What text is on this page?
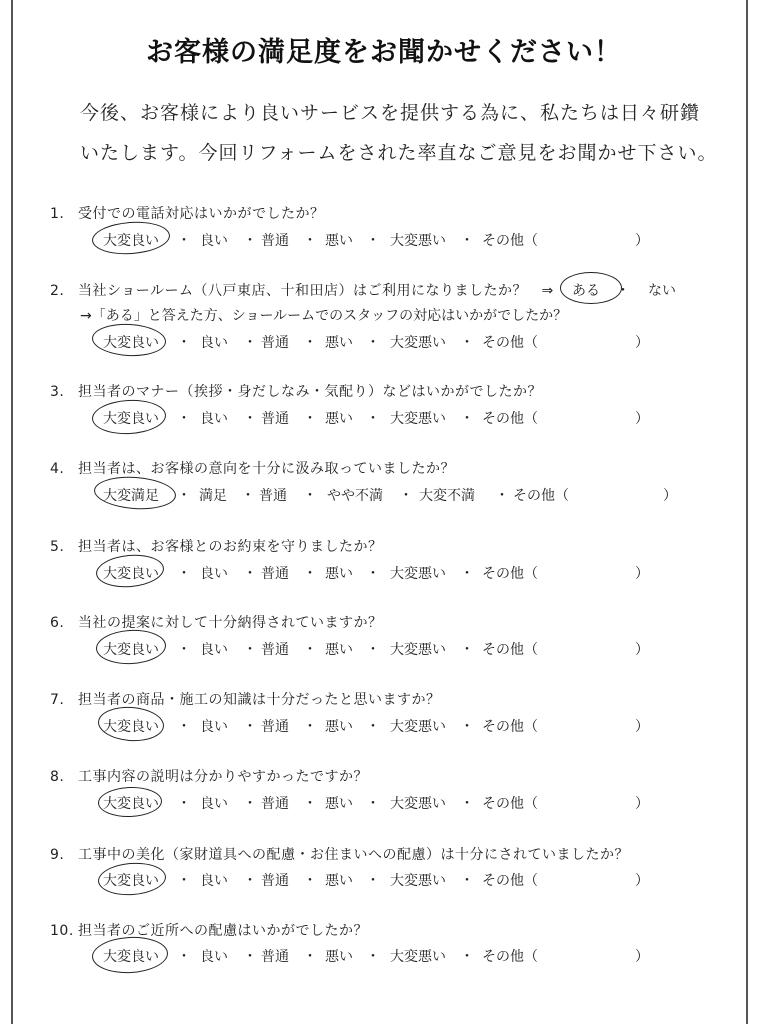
お客様の満足度をお聞かせください！
今後、お客様により良いサービスを提供する為に、私たちは日々研鑽
いたします。今回リフォームをされた率直なご意見をお聞かせ下さい。
1. 受付での電話対応はいかがでしたか？
大変良い ・ 良い ・ 普通 ・ 悪い ・ 大変悪い ・ その他（	）
2. 当社ショールーム（八戸東店、十和田店）はご利用になりましたか？　⇒	ある ・ ない
→「ある」と答えた方、ショールームでのスタッフの対応はいかがでしたか？
大変良い ・ 良い ・ 普通 ・ 悪い ・ 大変悪い ・ その他（	）
3. 担当者のマナー（挨拶・身だしなみ・気配り）などはいかがでしたか？
大変良い ・ 良い ・ 普通 ・ 悪い ・ 大変悪い ・ その他（	）
4. 担当者は、お客様の意向を十分に汲み取っていましたか？
大変満足 ・ 満足 ・ 普通 ・ やや不満 ・ 大変不満 ・ その他（	）
5. 担当者は、お客様とのお約束を守りましたか？
大変良い ・ 良い ・ 普通 ・ 悪い ・ 大変悪い ・ その他（	）
6. 当社の提案に対して十分納得されていますか？
大変良い ・ 良い ・ 普通 ・ 悪い ・ 大変悪い ・ その他（	）
7. 担当者の商品・施工の知識は十分だったと思いますか？
大変良い ・ 良い ・ 普通 ・ 悪い ・ 大変悪い ・ その他（	）
8. 工事内容の説明は分かりやすかったですか？
大変良い ・ 良い ・ 普通 ・ 悪い ・ 大変悪い ・ その他（	）
9. 工事中の美化（家財道具への配慮・お住まいへの配慮）は十分にされていましたか？
大変良い ・ 良い ・ 普通 ・ 悪い ・ 大変悪い ・ その他（	）
10. 担当者のご近所への配慮はいかがでしたか？
大変良い ・ 良い ・ 普通 ・ 悪い ・ 大変悪い ・ その他（	）
